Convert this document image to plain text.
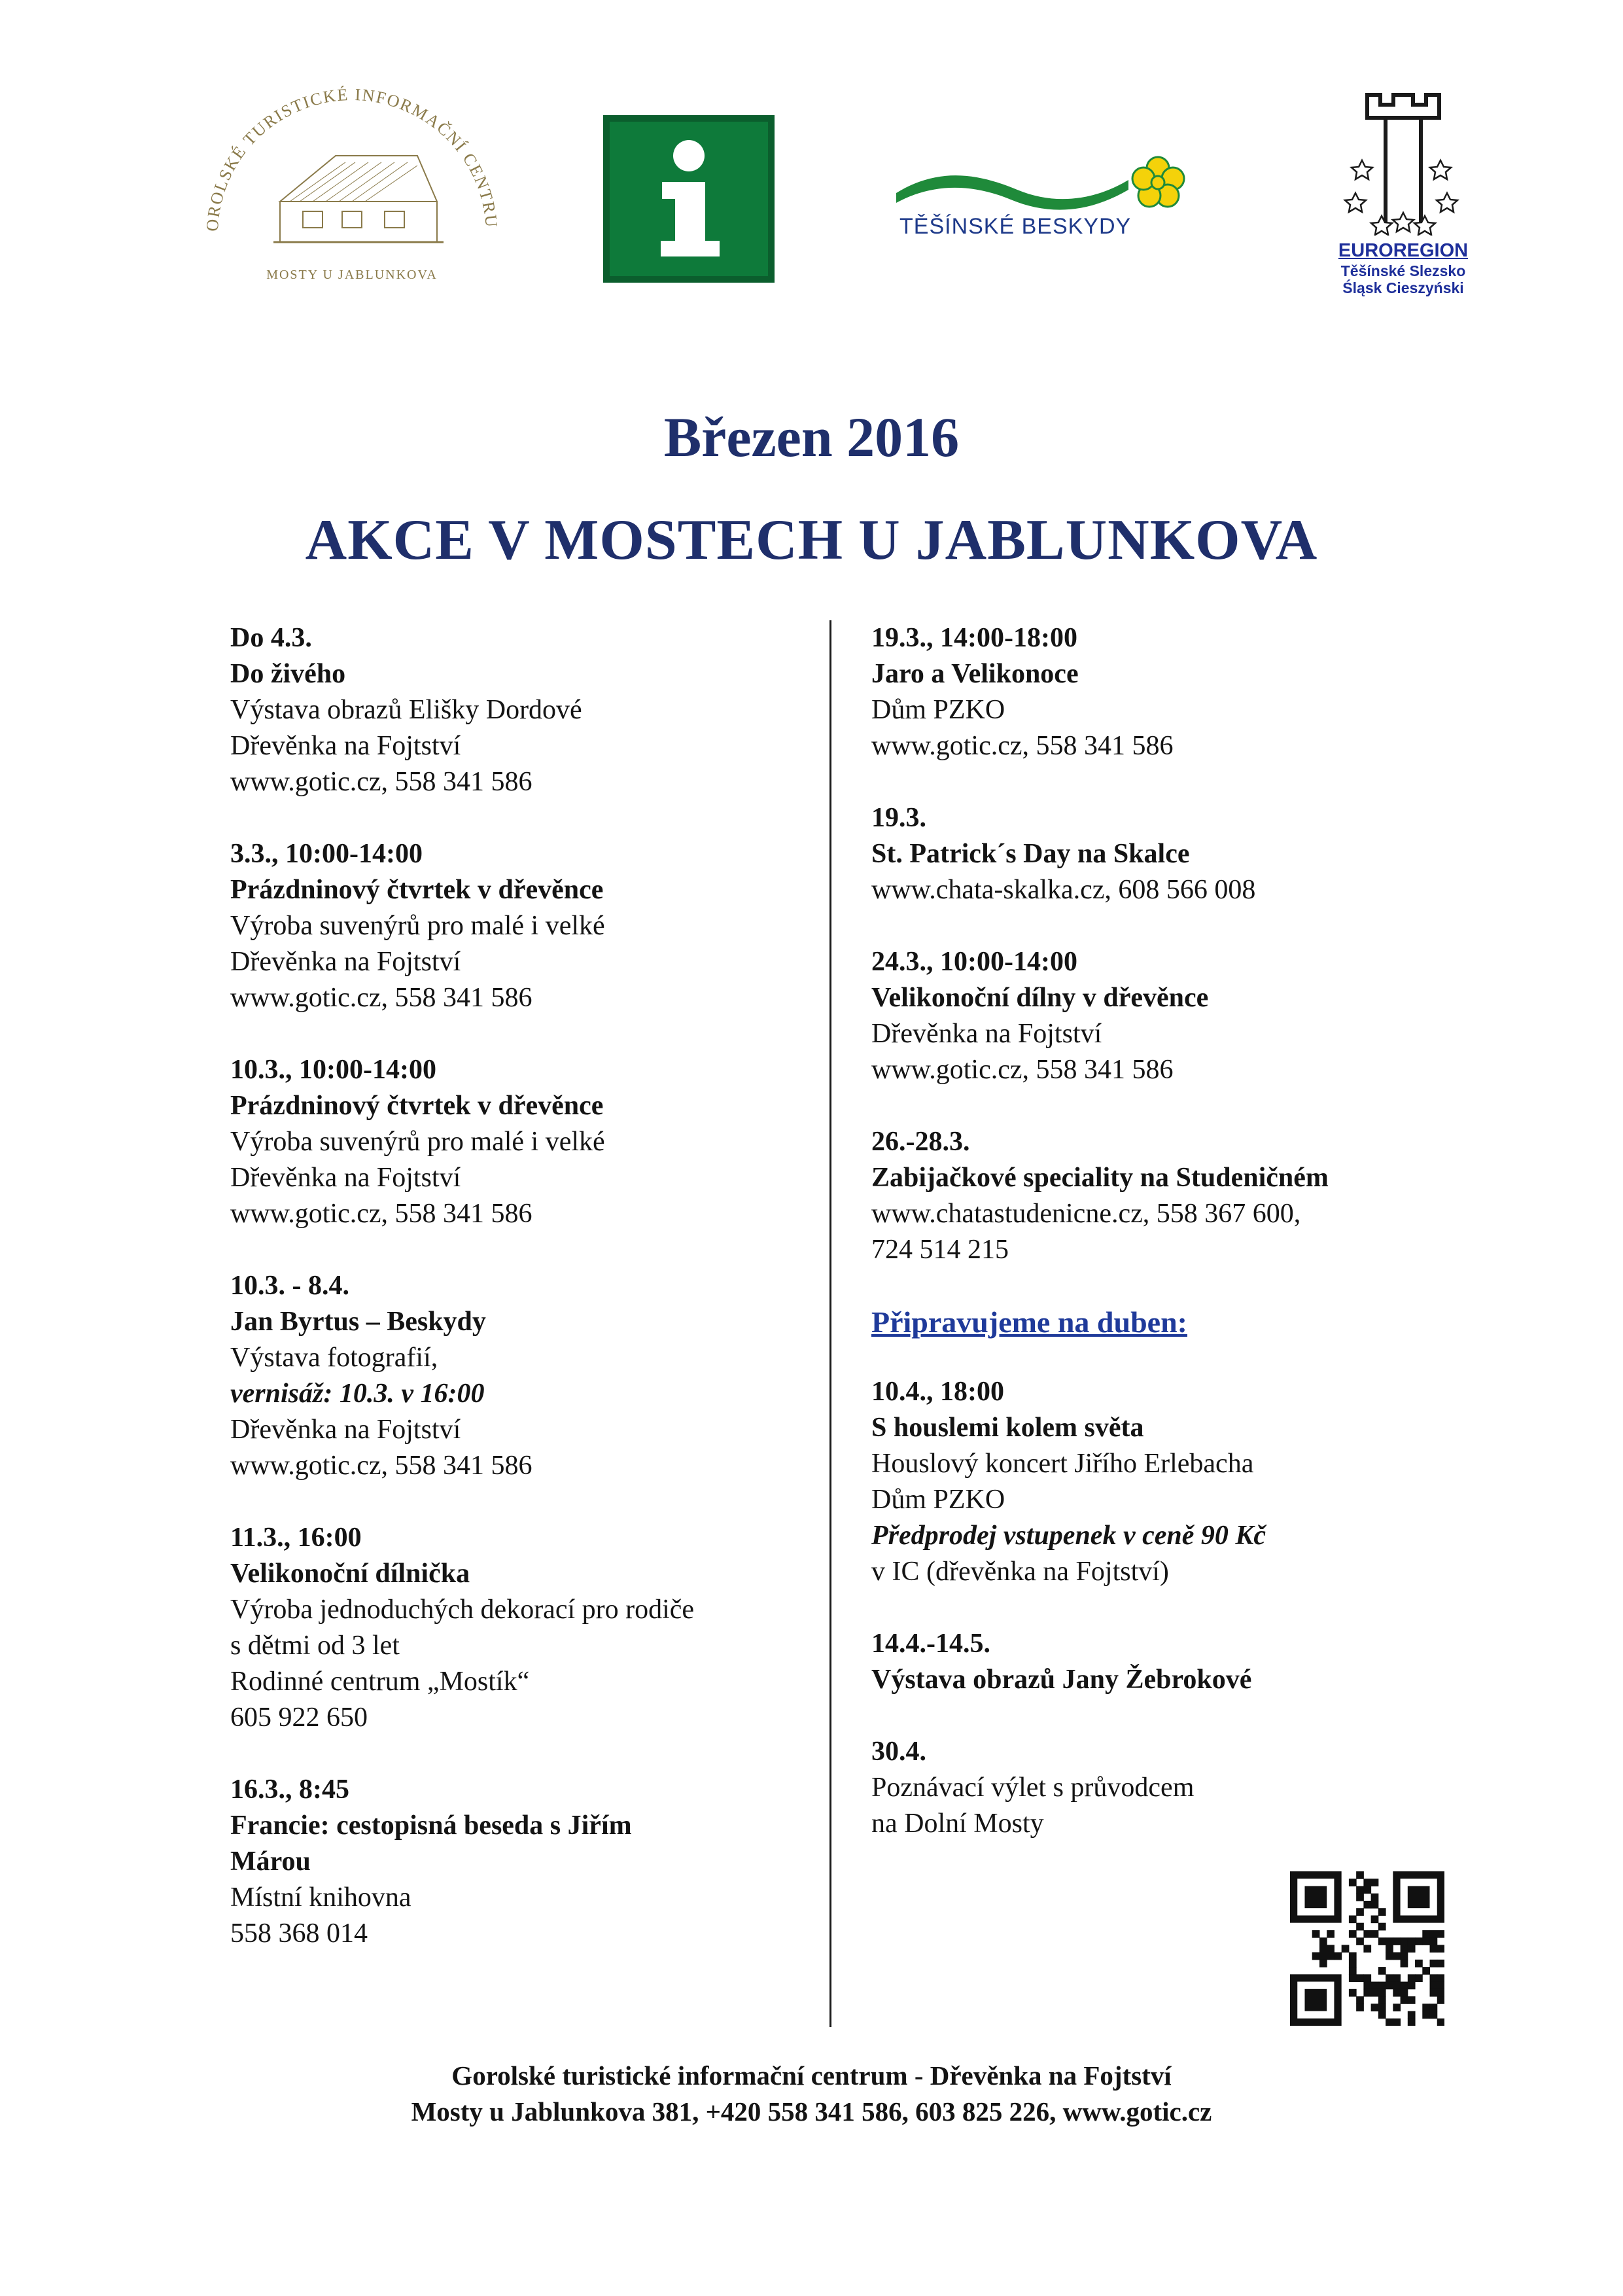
OROLSKÉ TURISTICKÉ INFORMAČNÍ CENTRU
MOSTY U JABLUNKOVA
TĚŠÍNSKÉ BESKYDY
EUROREGION
Těšínské Slezsko
Śląsk Cieszyński
Březen 2016
AKCE V MOSTECH U JABLUNKOVA
Do 4.3.
Do živého
Výstava obrazů Elišky Dordové
Dřevěnka na Fojtství
www.gotic.cz, 558 341 586
3.3., 10:00-14:00
Prázdninový čtvrtek v dřevěnce
Výroba suvenýrů pro malé i velké
Dřevěnka na Fojtství
www.gotic.cz, 558 341 586
10.3., 10:00-14:00
Prázdninový čtvrtek v dřevěnce
Výroba suvenýrů pro malé i velké
Dřevěnka na Fojtství
www.gotic.cz, 558 341 586
10.3. - 8.4.
Jan Byrtus – Beskydy
Výstava fotografií,
vernisáž: 10.3. v 16:00
Dřevěnka na Fojtství
www.gotic.cz, 558 341 586
11.3., 16:00
Velikonoční dílnička
Výroba jednoduchých dekorací pro rodiče
s dětmi od 3 let
Rodinné centrum „Mostík“
605 922 650
16.3., 8:45
Francie: cestopisná beseda s Jiřím
Márou
Místní knihovna
558 368 014
19.3., 14:00-18:00
Jaro a Velikonoce
Dům PZKO
www.gotic.cz, 558 341 586
19.3.
St. Patrick´s Day na Skalce
www.chata-skalka.cz, 608 566 008
24.3., 10:00-14:00
Velikonoční dílny v dřevěnce
Dřevěnka na Fojtství
www.gotic.cz, 558 341 586
26.-28.3.
Zabijačkové speciality na Studeničném
www.chatastudenicne.cz, 558 367 600,
724 514 215
Připravujeme na duben:
10.4., 18:00
S houslemi kolem světa
Houslový koncert Jiřího Erlebacha
Dům PZKO
Předprodej vstupenek v ceně 90 Kč
v IC (dřevěnka na Fojtství)
14.4.-14.5.
Výstava obrazů Jany Žebrokové
30.4.
Poznávací výlet s průvodcem
na Dolní Mosty
Gorolské turistické informační centrum - Dřevěnka na Fojtství
Mosty u Jablunkova 381, +420 558 341 586, 603 825 226, www.gotic.cz
